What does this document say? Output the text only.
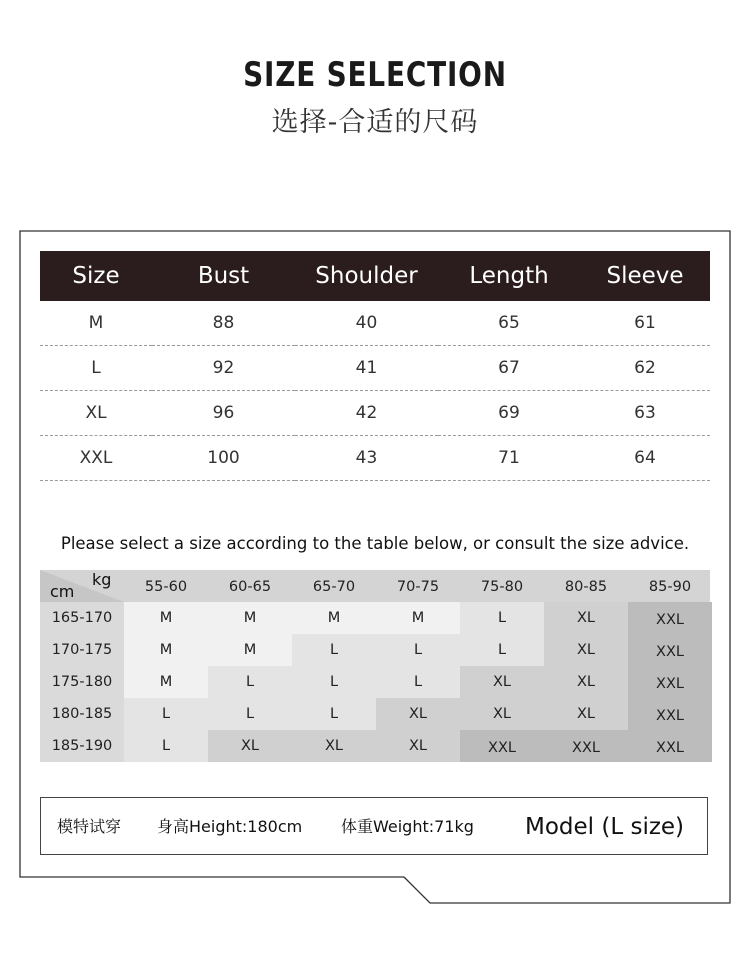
SIZE SELECTION
选择-合适的尺码
Size	Bust	Shoulder	Length	Sleeve
M	88	40	65	61
L	92	41	67	62
XL	96	42	69	63
XXL	100	43	71	64
Please select a size according to the table below, or consult the size advice.
kg
cm	55-60	60-65	65-70	70-75	75-80	80-85	85-90
165-170	M	M	M	M	L	XL	XXL
170-175	M	M	L	L	L	XL	XXL
175-180	M	L	L	L	XL	XL	XXL
180-185	L	L	L	XL	XL	XL	XXL
185-190	L	XL	XL	XL	XXL	XXL	XXL
模特试穿 身高Height:180cm 体重Weight:71kg Model (L size)
